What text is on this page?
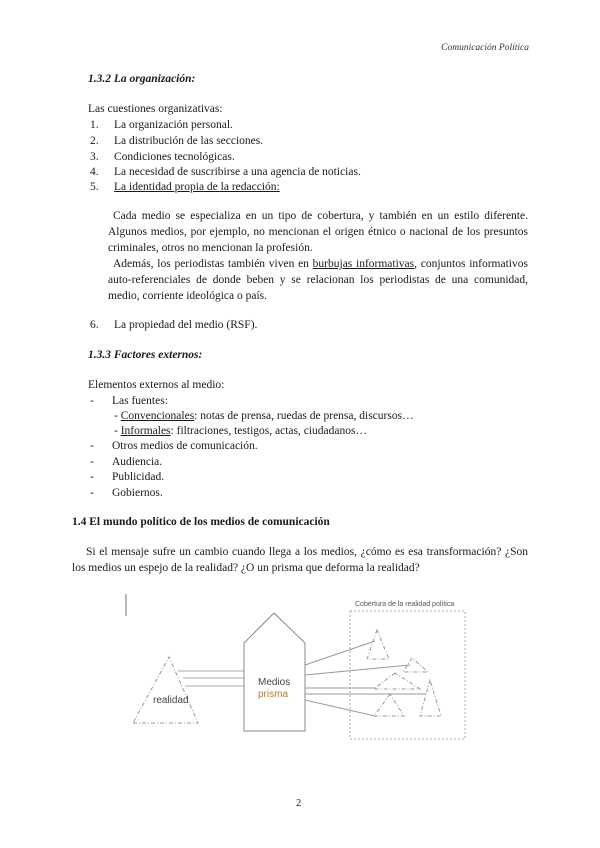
Comunicación Política
1.3.2 La organización:
Las cuestiones organizativas:
1. La organización personal.
2. La distribución de las secciones.
3. Condiciones tecnológicas.
4. La necesidad de suscribirse a una agencia de noticias.
5. La identidad propia de la redacción:

Cada medio se especializa en un tipo de cobertura, y también en un estilo diferente. Algunos medios, por ejemplo, no mencionan el origen étnico o nacional de los presuntos criminales, otros no mencionan la profesión.

Además, los periodistas también viven en burbujas informativas, conjuntos informativos auto-referenciales de donde beben y se relacionan los periodistas de una comunidad, medio, corriente ideológica o país.

6. La propiedad del medio (RSF).
1.3.3 Factores externos:
Elementos externos al medio:
- Las fuentes:
- Convencionales: notas de prensa, ruedas de prensa, discursos…
- Informales: filtraciones, testigos, actas, ciudadanos…
- Otros medios de comunicación.
- Audiencia.
- Publicidad.
- Gobiernos.
1.4 El mundo político de los medios de comunicación

Si el mensaje sufre un cambio cuando llega a los medios, ¿cómo es esa transformación? ¿Son los medios un espejo de la realidad? ¿O un prisma que deforma la realidad?

realidad
Medios
prisma
Cobertura de la realidad política
2
